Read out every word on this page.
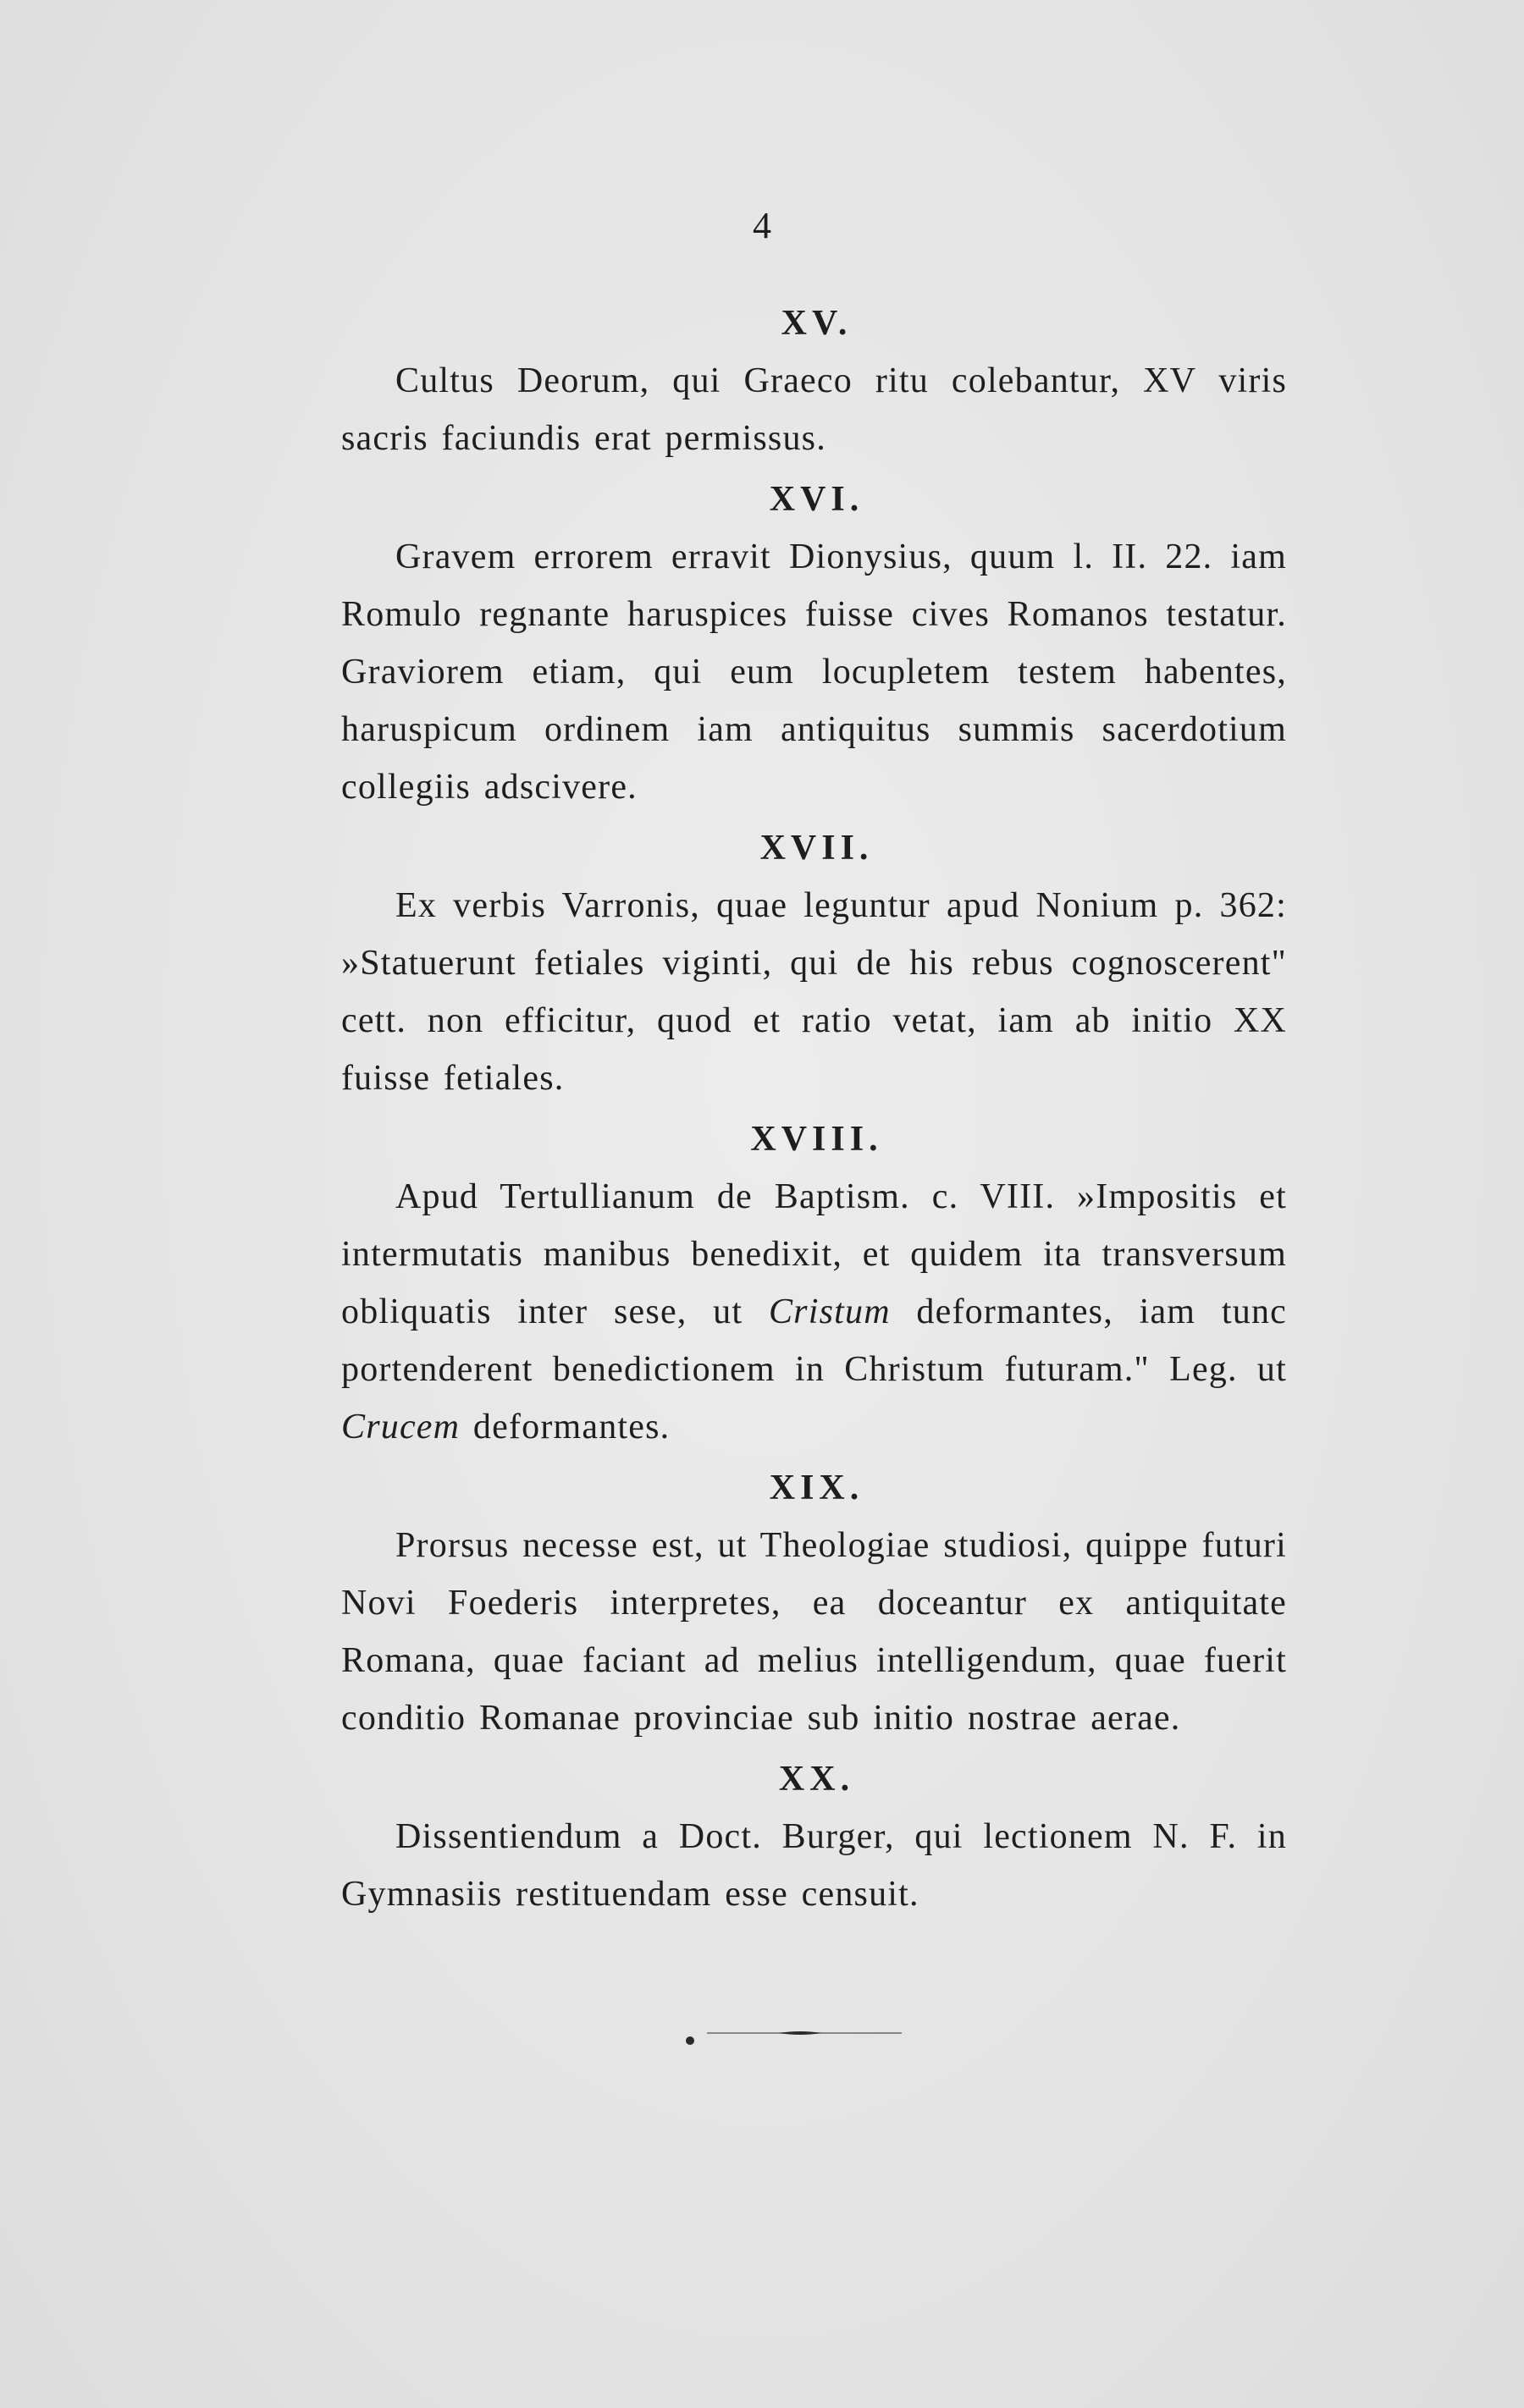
4
XV.

Cultus Deorum, qui Graeco ritu colebantur, XV viris sacris faciundis erat permissus.

XVI.

Gravem errorem erravit Dionysius, quum l. II. 22. iam Romulo regnante haruspices fuisse cives Romanos testatur. Graviorem etiam, qui eum locupletem testem habentes, haruspicum ordinem iam antiquitus summis sacerdotium collegiis adscivere.

XVII.

Ex verbis Varronis, quae leguntur apud Nonium p. 362: »Statuerunt fetiales viginti, qui de his rebus cognoscerent" cett. non efficitur, quod et ratio vetat, iam ab initio XX fuisse fetiales.

XVIII.

Apud Tertullianum de Baptism. c. VIII. »Impositis et intermutatis manibus benedixit, et quidem ita transversum obliquatis inter sese, ut Cristum deformantes, iam tunc portenderent benedictionem in Christum futuram." Leg. ut Crucem deformantes.

XIX.

Prorsus necesse est, ut Theologiae studiosi, quippe futuri Novi Foederis interpretes, ea doceantur ex antiquitate Romana, quae faciant ad melius intelligendum, quae fuerit conditio Romanae provinciae sub initio nostrae aerae.

XX.

Dissentiendum a Doct. Burger, qui lectionem N. F. in Gymnasiis restituendam esse censuit.
